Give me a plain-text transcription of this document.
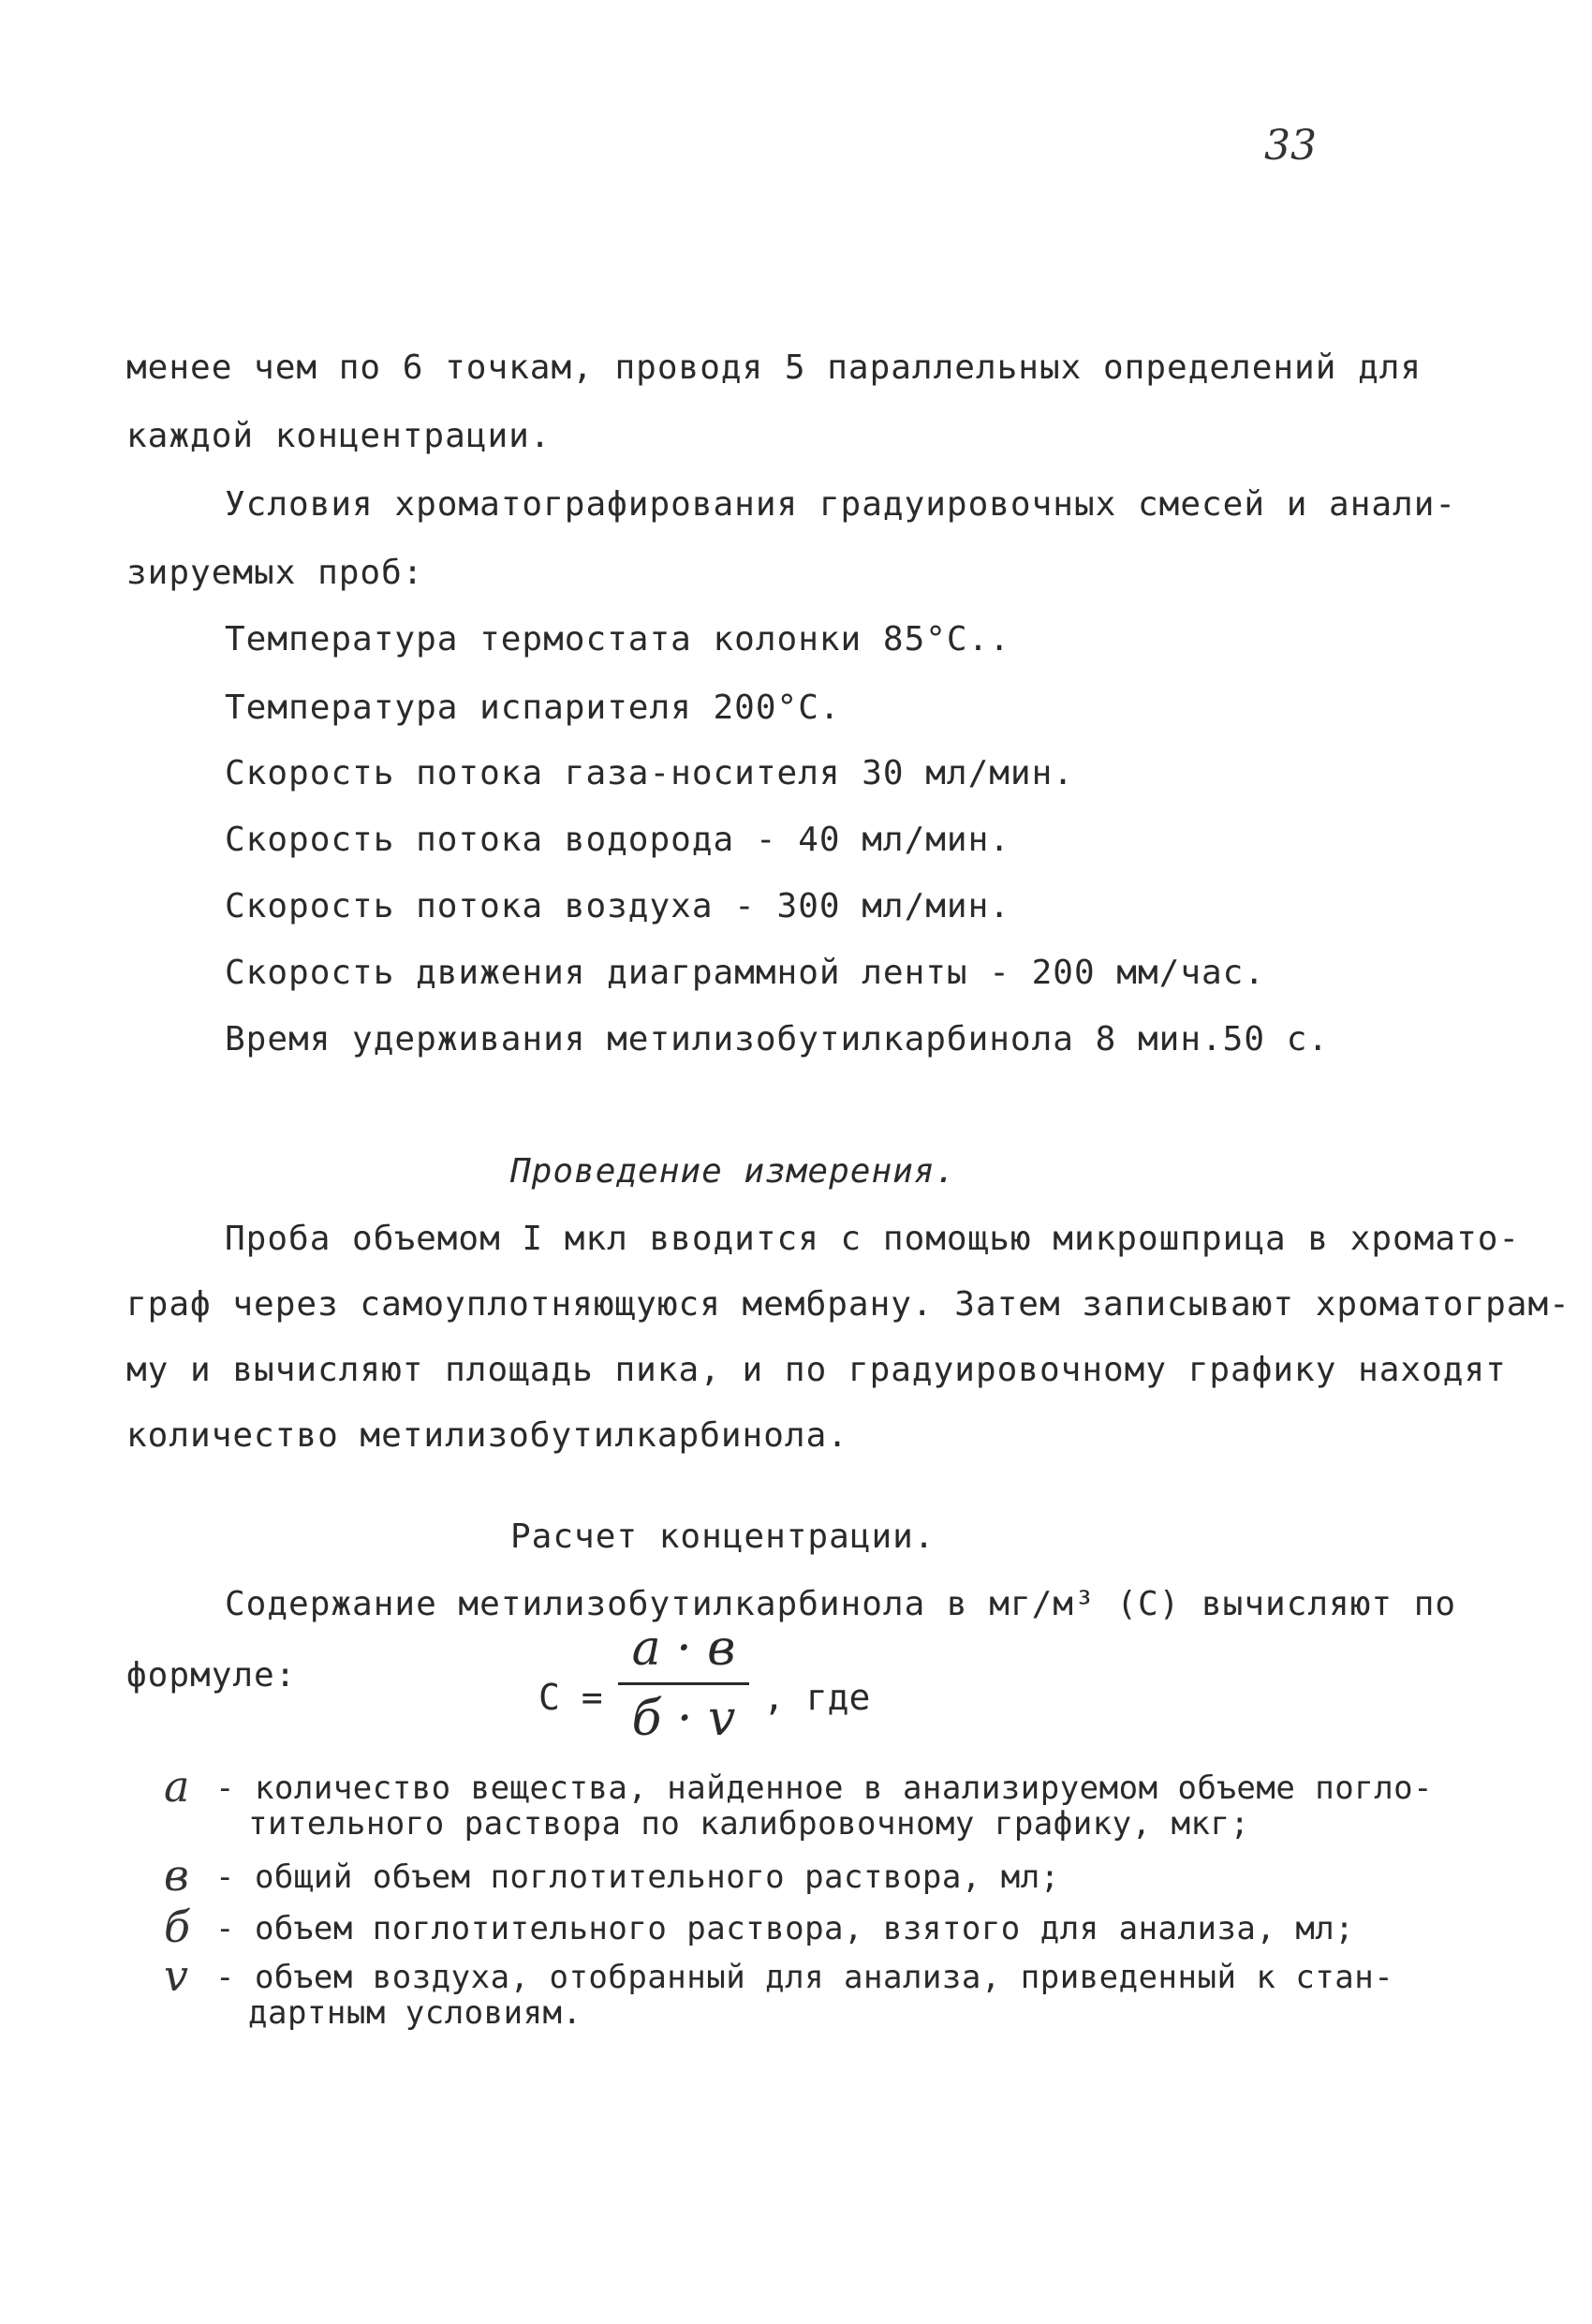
33
менее чем по 6 точкам, проводя 5 параллельных определений для
каждой концентрации.
Условия хроматографирования градуировочных смесей и анали-
зируемых проб:
Температура термостата колонки 85°С..
Температура испарителя 200°С.
Скорость потока газа-носителя 30 мл/мин.
Скорость потока водорода - 40 мл/мин.
Скорость потока воздуха - 300 мл/мин.
Скорость движения диаграммной ленты - 200 мм/час.
Время удерживания метилизобутилкарбинола 8 мин.50 с.
Проведение измерения.
Проба объемом I мкл вводится с помощью микрошприца в хромато-
граф через самоуплотняющуюся мембрану. Затем записывают хроматограм-
му и вычисляют площадь пика, и по градуировочному графику находят
количество метилизобутилкарбинола.
Расчет концентрации.
Содержание метилизобутилкарбинола в мг/м³ (С) вычисляют по
формуле:
С =
a · в
б · v , где
a - количество вещества, найденное в анализируемом объеме погло-
тительного раствора по калибровочному графику, мкг;
в - общий объем поглотительного раствора, мл;
б - объем поглотительного раствора, взятого для анализа, мл;
v - объем воздуха, отобранный для анализа, приведенный к стан-
дартным условиям.
